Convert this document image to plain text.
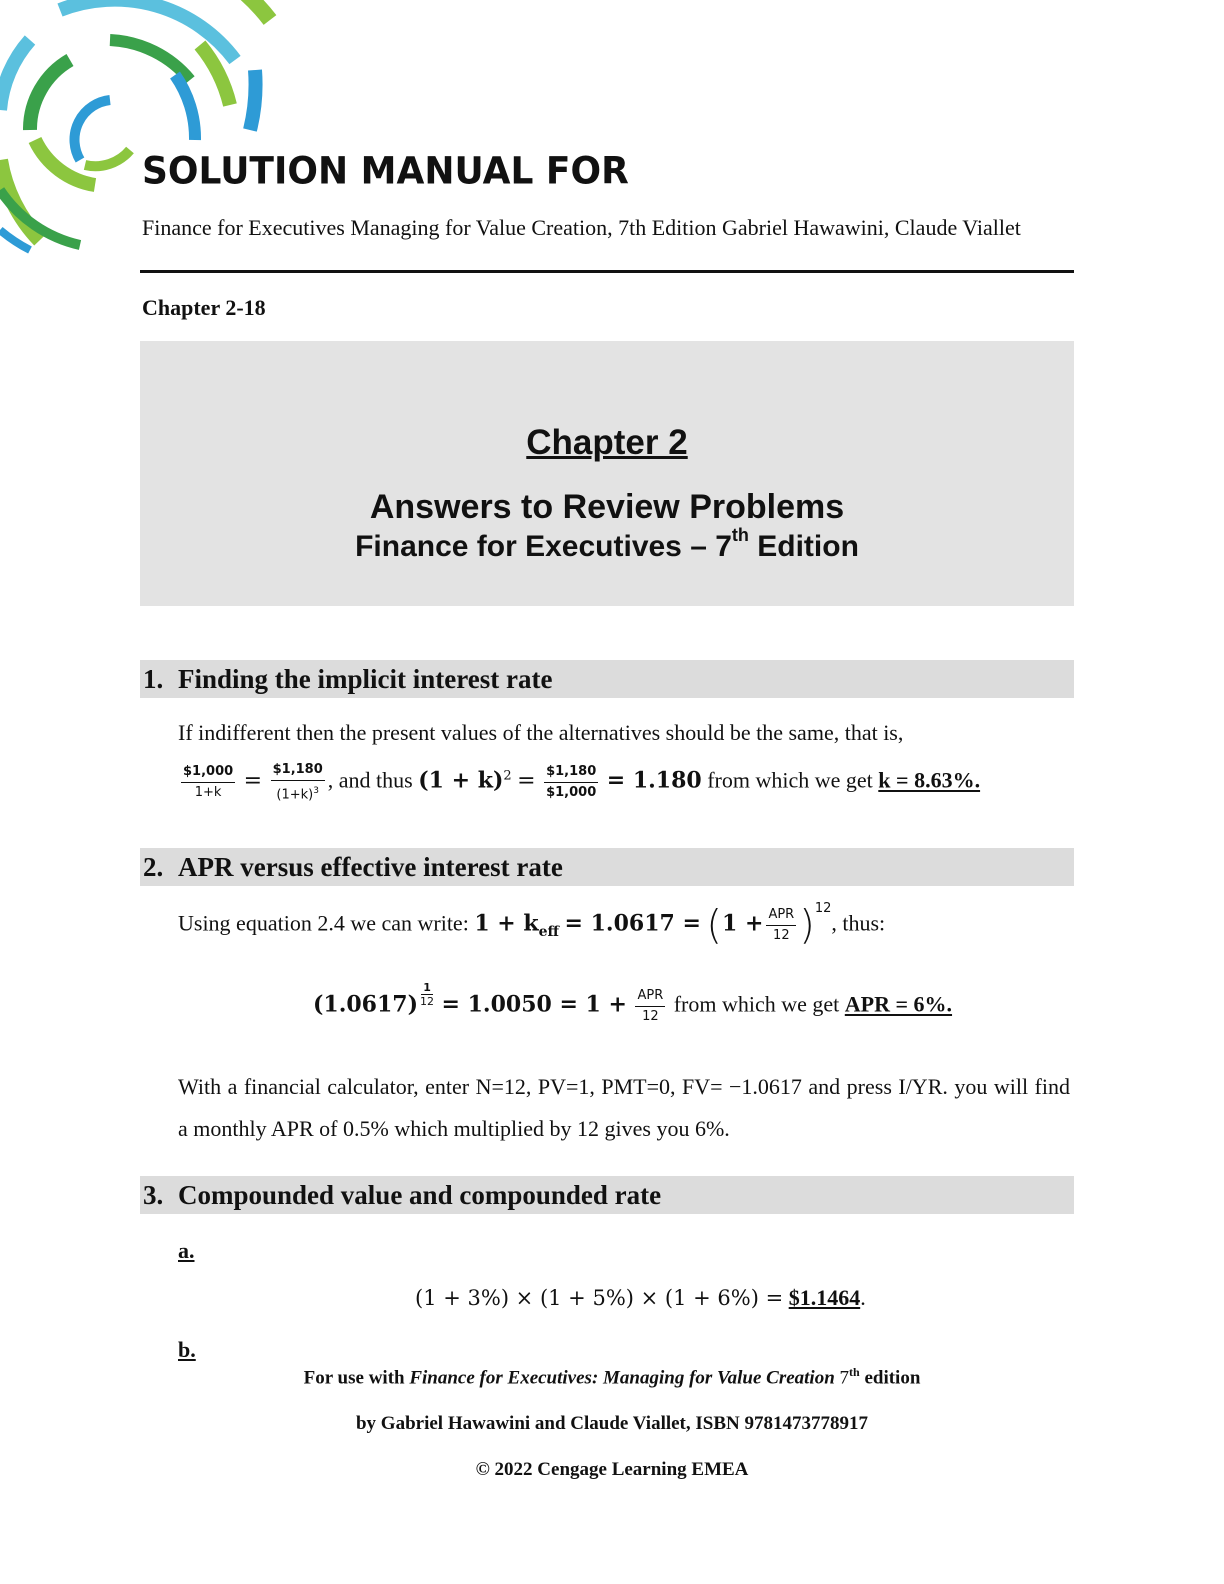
SOLUTION MANUAL FOR
Finance for Executives Managing for Value Creation, 7th Edition Gabriel Hawawini, Claude Viallet
Chapter 2-18
Chapter 2
Answers to Review Problems
Finance for Executives – 7th Edition
1. Finding the implicit interest rate
If indifferent then the present values of the alternatives should be the same, that is,
$\frac{\$1,000}{1+k} = \frac{\$1,180}{(1+k)^3}$ , and thus $(1 + k)^2 = \frac{\$1,180}{\$1,000} = 1.180$ from which we get k = 8.63%.
2. APR versus effective interest rate
Using equation 2.4 we can write: $1 + k_{eff} = 1.0617 = (1 + \frac{\text{APR}}{12} )^{12}$, thus:
$(1.0617) \frac{1}{12} = 1.0050 = 1 + \frac{\text{APR}}{12}$ from which we get APR = 6%.
With a financial calculator, enter N=12, PV=1, PMT=0, FV= −1.0617 and press I/YR. you will find a monthly APR of 0.5% which multiplied by 12 gives you 6%.
3. Compounded value and compounded rate
a.
(1 + 3%) × (1 + 5%) × (1 + 6%) = $1.1464.
b.
For use with Finance for Executives: Managing for Value Creation 7th edition
by Gabriel Hawawini and Claude Viallet, ISBN 9781473778917
© 2022 Cengage Learning EMEA
